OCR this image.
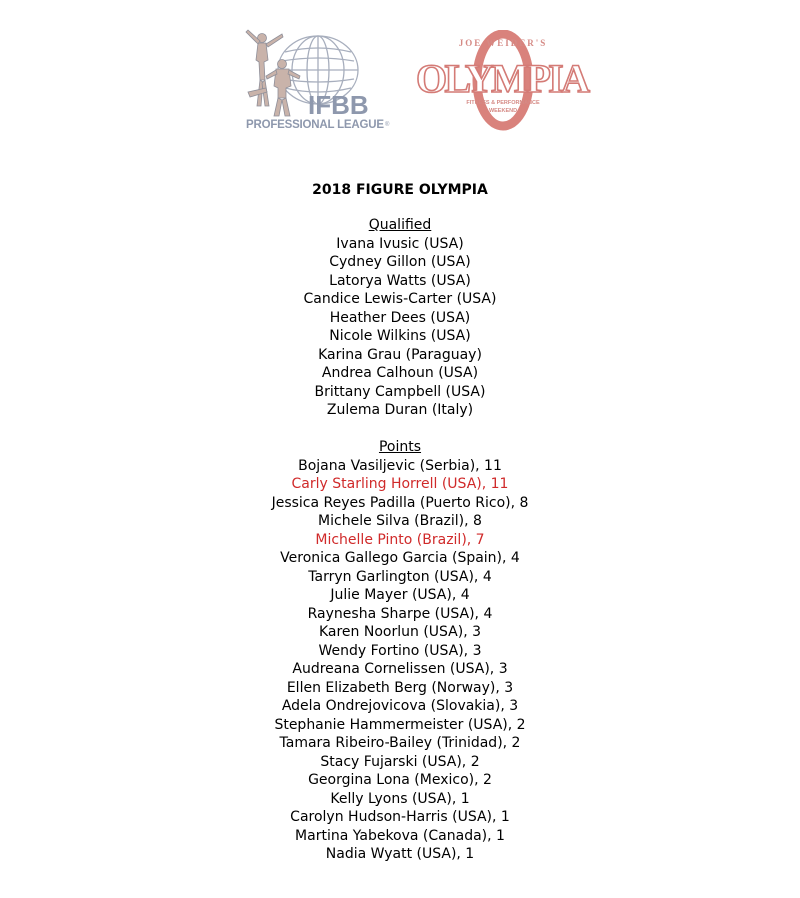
IFBB
®
PROFESSIONAL LEAGUE
JOE WEIDER'S
OLYMPIA
FITNESS & PERFORMANCE
WEEKEND
2018 FIGURE OLYMPIA
Qualified
Ivana Ivusic (USA)
Cydney Gillon (USA)
Latorya Watts (USA)
Candice Lewis-Carter (USA)
Heather Dees (USA)
Nicole Wilkins (USA)
Karina Grau (Paraguay)
Andrea Calhoun (USA)
Brittany Campbell (USA)
Zulema Duran (Italy)
Points
Bojana Vasiljevic (Serbia), 11
Carly Starling Horrell (USA), 11
Jessica Reyes Padilla (Puerto Rico), 8
Michele Silva (Brazil), 8
Michelle Pinto (Brazil), 7
Veronica Gallego Garcia (Spain), 4
Tarryn Garlington (USA), 4
Julie Mayer (USA), 4
Raynesha Sharpe (USA), 4
Karen Noorlun (USA), 3
Wendy Fortino (USA), 3
Audreana Cornelissen (USA), 3
Ellen Elizabeth Berg (Norway), 3
Adela Ondrejovicova (Slovakia), 3
Stephanie Hammermeister (USA), 2
Tamara Ribeiro-Bailey (Trinidad), 2
Stacy Fujarski (USA), 2
Georgina Lona (Mexico), 2
Kelly Lyons (USA), 1
Carolyn Hudson-Harris (USA), 1
Martina Yabekova (Canada), 1
Nadia Wyatt (USA), 1
